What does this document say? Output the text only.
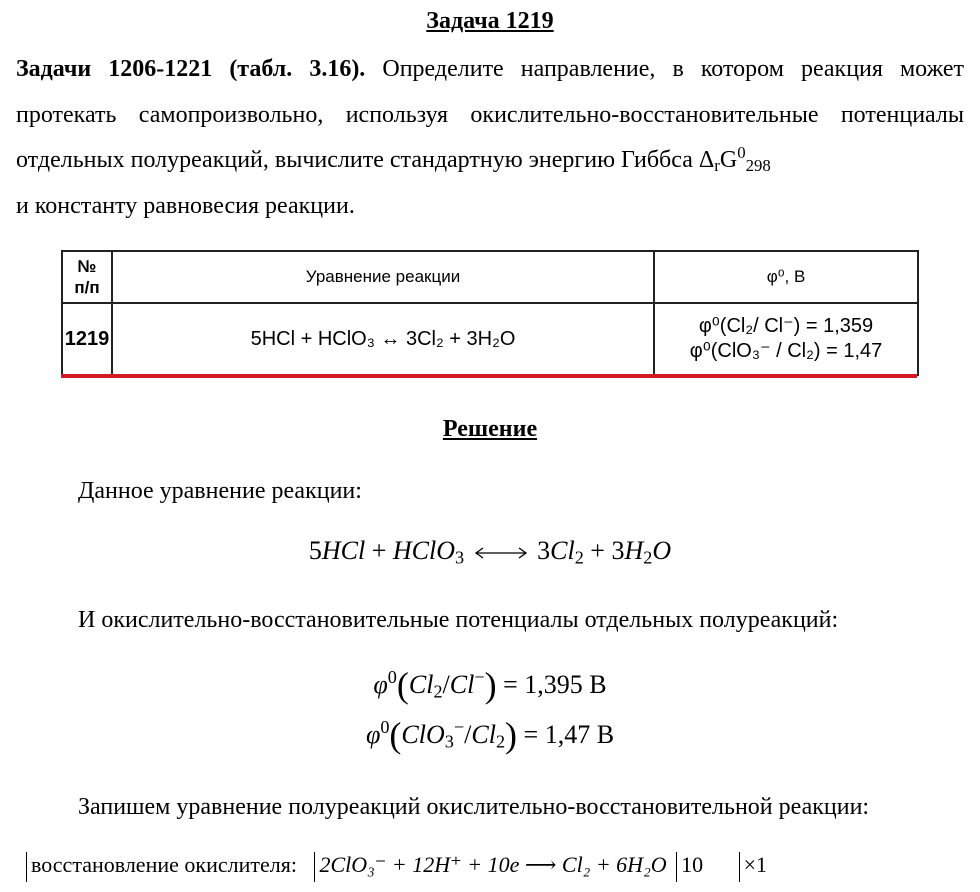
Задача 1219

Задачи 1206-1221 (табл. 3.16). Определите направление, в котором реакция может протекать самопроизвольно, используя окислительно-восстановительные потенциалы отдельных полуреакций, вычислите стандартную энергию Гиббса $\Delta_rG^0_{298}$
и константу равновесия реакции.

№
п/п	Уравнение реакции	φ⁰, В
1219	5HCl + HClO₃ ↔ 3Cl₂ + 3H₂O	φ⁰(Cl₂/ Cl⁻) = 1,359
φ⁰(ClO₃⁻ / Cl₂) = 1,47
Решение
Данное уравнение реакции:
5HCl + HClO$_3$	$3Cl_2 + 3H_2O$
И окислительно-восстановительные потенциалы отдельных полуреакций:
$\varphi^0(Cl_2/Cl^-) = 1,395$ В
$\varphi^0(ClO_3^-/Cl_2) = 1,47$ В
Запишем уравнение полуреакций окислительно-восстановительной реакции:
восстановление окислителя: 2ClO₃⁻ + 12H⁺ + 10e ⟶ Cl₂ + 6H₂O 10 ×1
